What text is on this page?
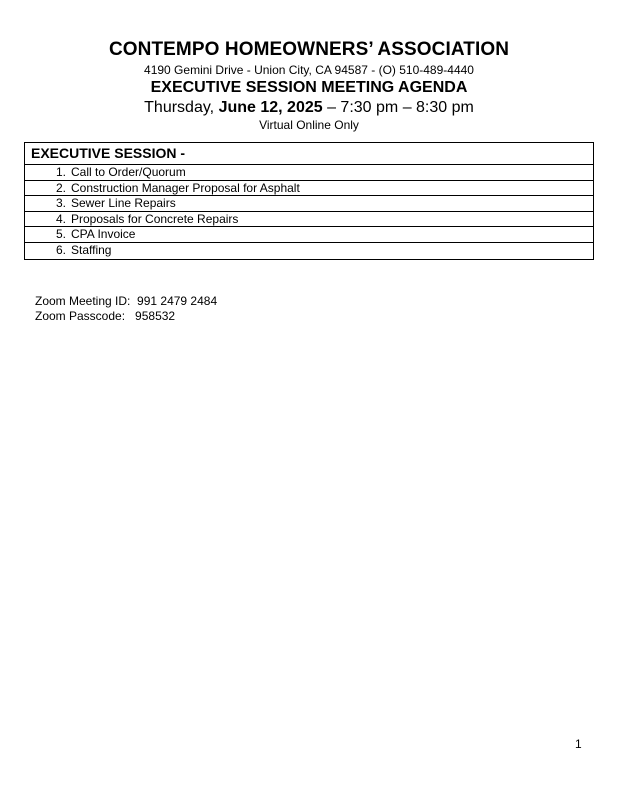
CONTEMPO HOMEOWNERS’ ASSOCIATION
4190 Gemini Drive - Union City, CA 94587 - (O) 510-489-4440
EXECUTIVE SESSION MEETING AGENDA
Thursday, June 12, 2025 – 7:30 pm – 8:30 pm
Virtual Online Only
EXECUTIVE SESSION -
1. Call to Order/Quorum
2. Construction Manager Proposal for Asphalt
3. Sewer Line Repairs
4. Proposals for Concrete Repairs
5. CPA Invoice
6. Staffing
Zoom Meeting ID: 991 2479 2484
Zoom Passcode: 958532
1
